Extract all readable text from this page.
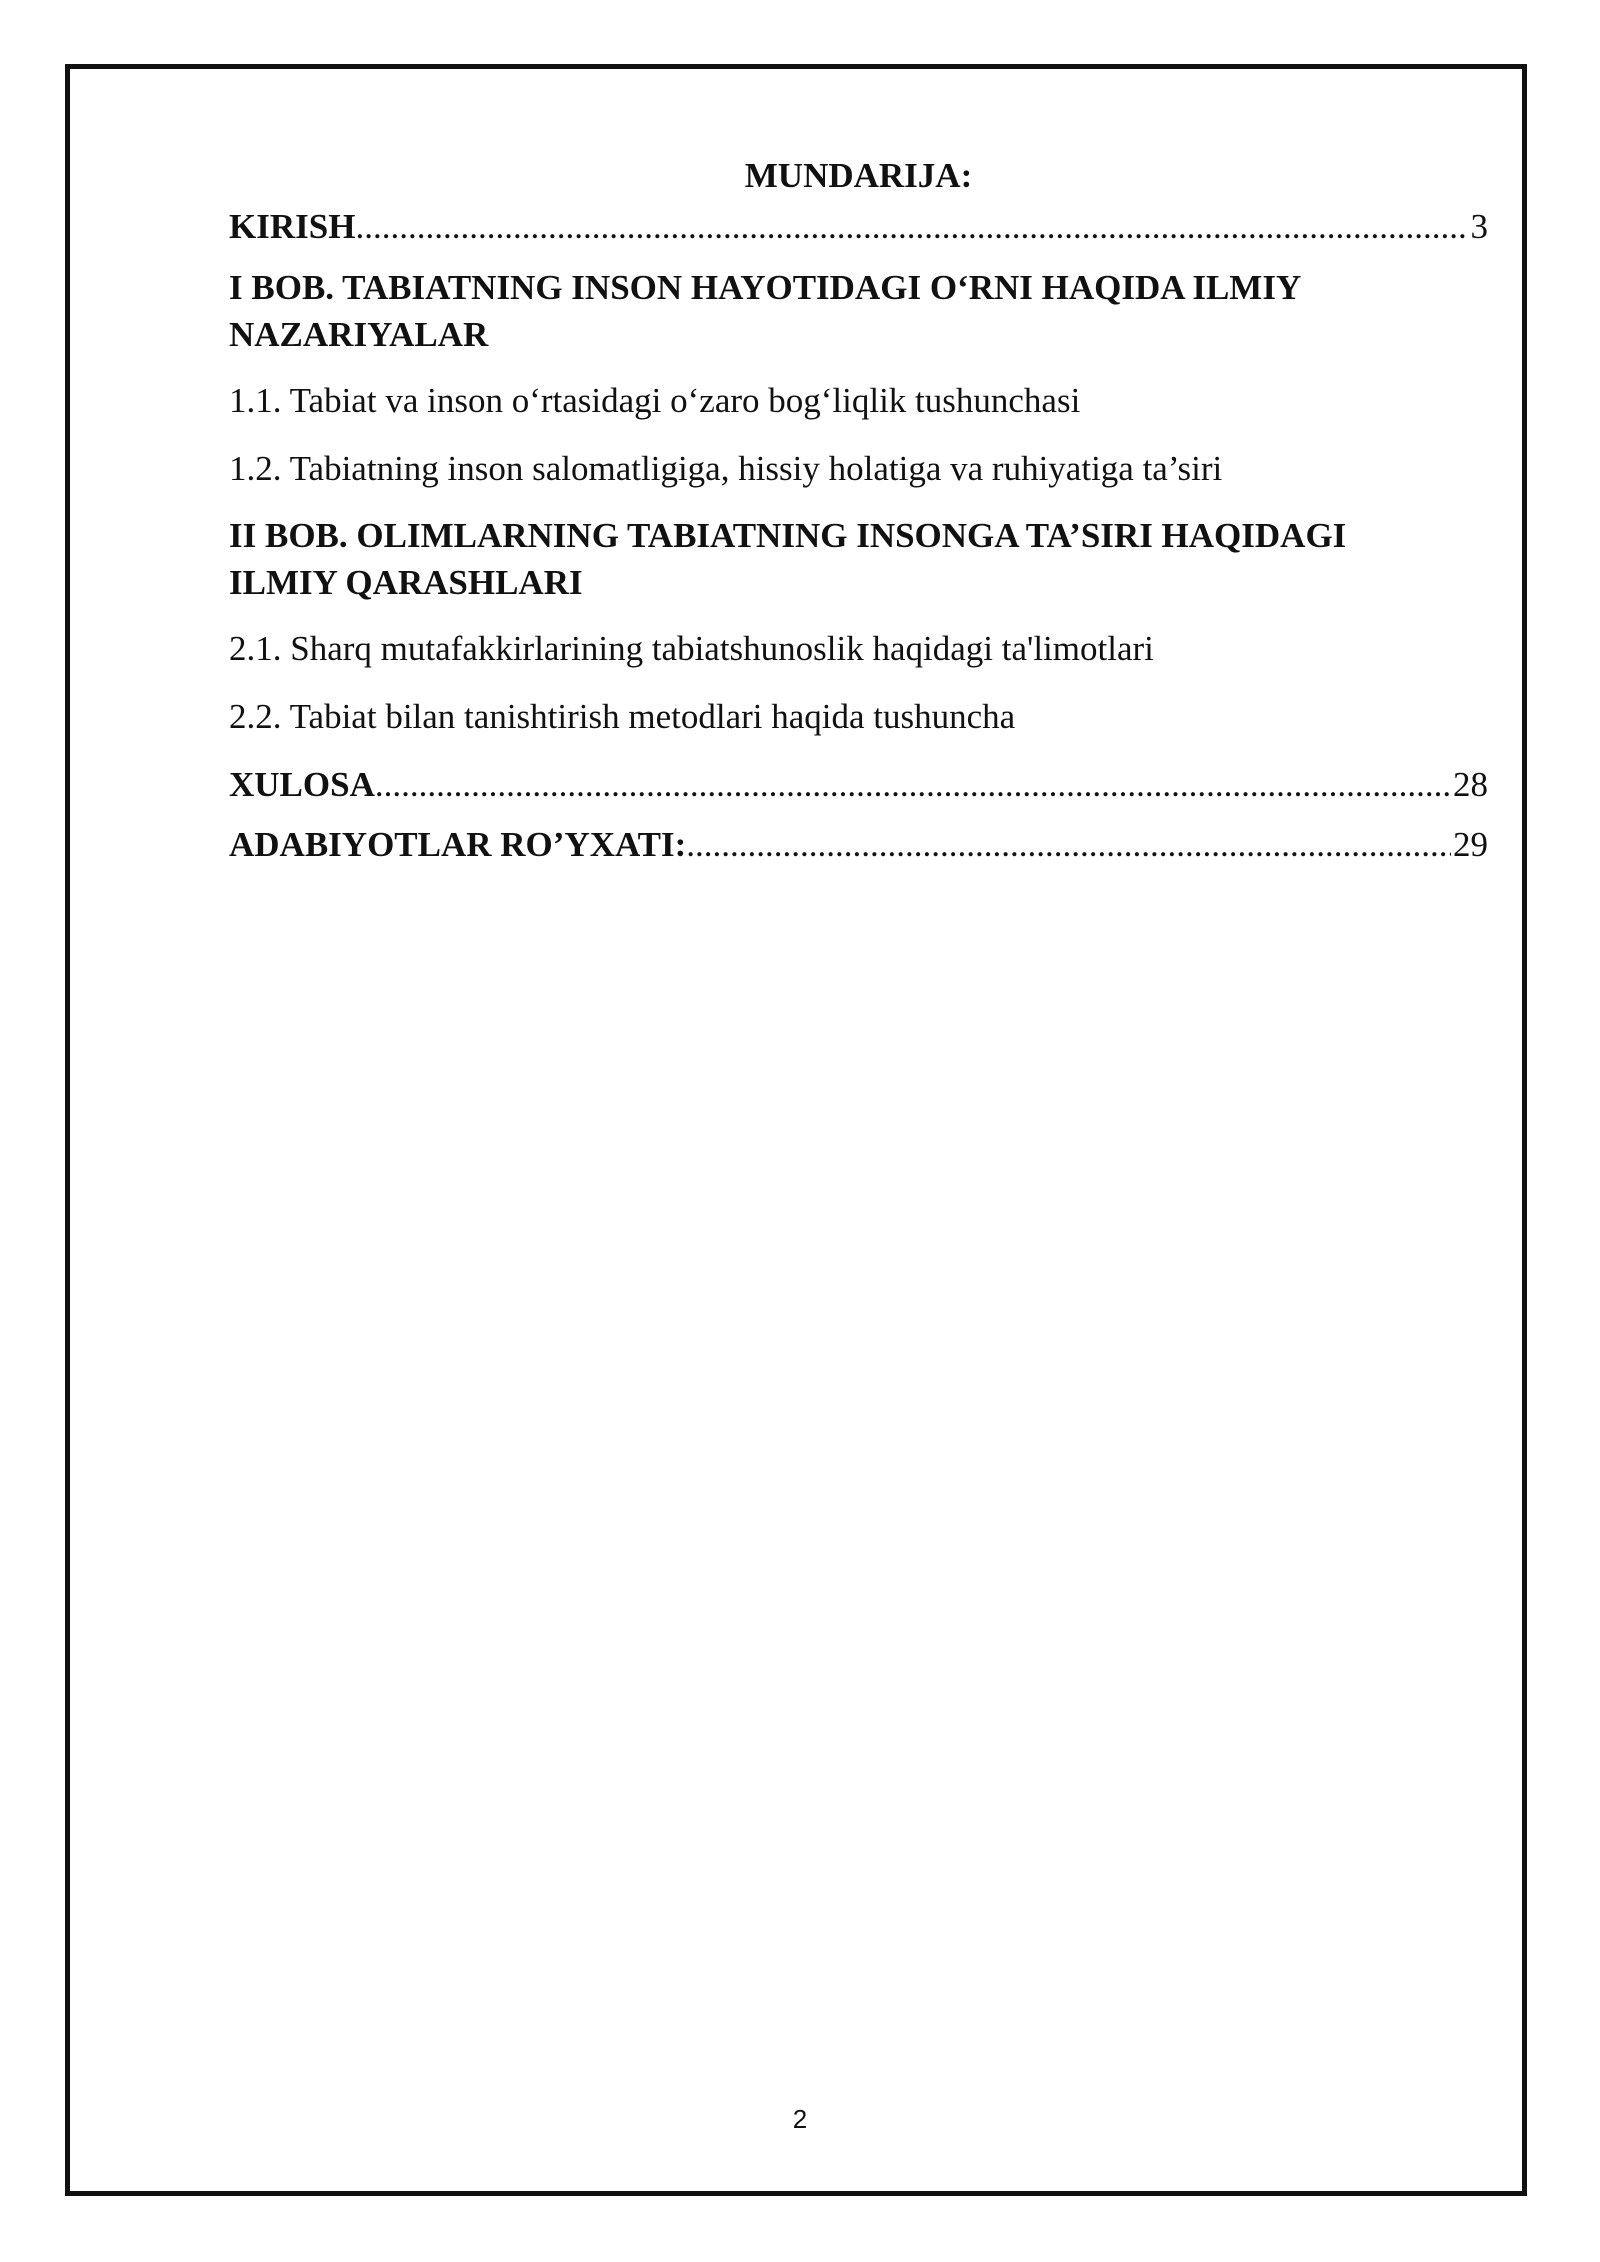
MUNDARIJA:
KIRISH .....	3
I BOB. TABIATNING INSON HAYOTIDAGI O‘RNI HAQIDA ILMIY
NAZARIYALAR
1.1. Tabiat va inson o‘rtasidagi o‘zaro bog‘liqlik tushunchasi
1.2. Tabiatning inson salomatligiga, hissiy holatiga va ruhiyatiga ta’siri
II BOB. OLIMLARNING TABIATNING INSONGA TA’SIRI HAQIDAGI
ILMIY QARASHLARI
2.1. Sharq mutafakkirlarining tabiatshunoslik haqidagi ta'limotlari
2.2. Tabiat bilan tanishtirish metodlari haqida tushuncha
XULOSA .....	28
ADABIYOTLAR RO’YXATI: .....	29
2
